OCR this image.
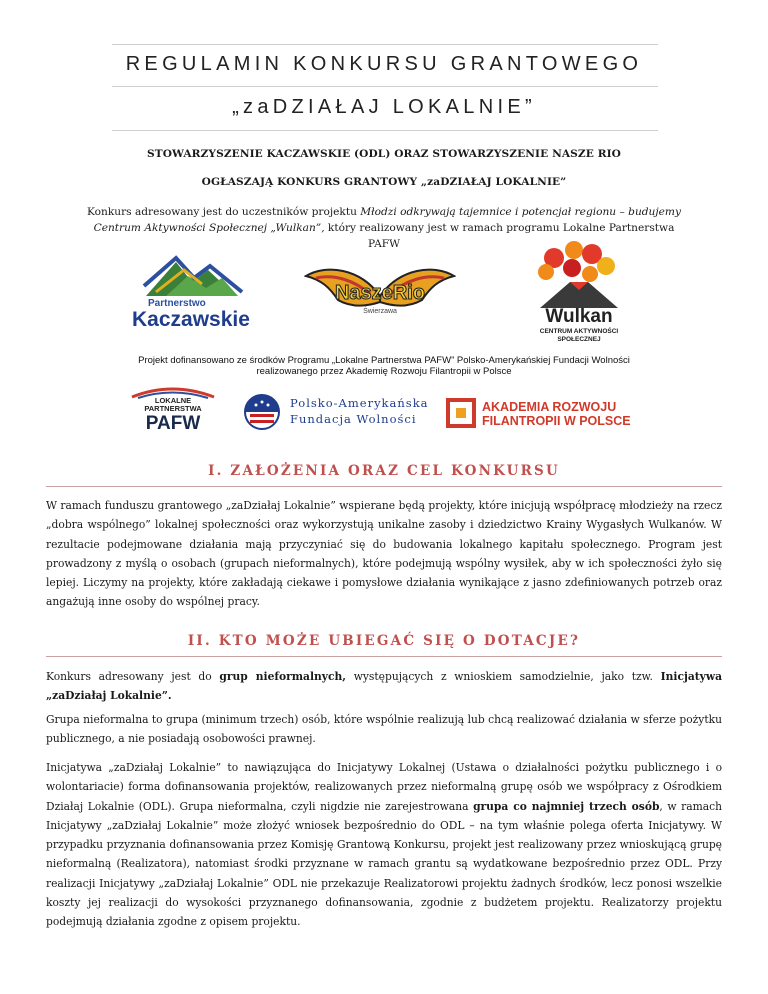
REGULAMIN KONKURSU GRANTOWEGO
„zaDZIAŁAJ LOKALNIE”
STOWARZYSZENIE KACZAWSKIE (ODL) ORAZ STOWARZYSZENIE NASZE RIO
OGŁASZAJĄ KONKURS GRANTOWY „zaDZIAŁAJ LOKALNIE”
Konkurs adresowany jest do uczestników projektu Młodzi odkrywają tajemnice i potencjał regionu – budujemy Centrum Aktywności Społecznej „Wulkan”, który realizowany jest w ramach programu Lokalne Partnerstwa PAFW
Partnerstwo
Kaczawskie
NaszeRio
Świerzawa	Wulkan
CENTRUM AKTYWNOŚCI
SPOŁECZNEJ
Projekt dofinansowano ze środków Programu „Lokalne Partnerstwa PAFW” Polsko-Amerykańskiej Fundacji Wolności
realizowanego przez Akademię Rozwoju Filantropii w Polsce
LOKALNE
PARTNERSTWA
PAFW
Polsko-Amerykańska
Fundacja Wolności
AKADEMIA ROZWOJU
FILANTROPII W POLSCE
I. ZAŁOŻENIA ORAZ CEL KONKURSU
W ramach funduszu grantowego „zaDziałaj Lokalnie” wspierane będą projekty, które inicjują współpracę młodzieży na rzecz „dobra wspólnego” lokalnej społeczności oraz wykorzystują unikalne zasoby i dziedzictwo Krainy Wygasłych Wulkanów. W rezultacie podejmowane działania mają przyczyniać się do budowania lokalnego kapitału społecznego. Program jest prowadzony z myślą o osobach (grupach nieformalnych), które podejmują wspólny wysiłek, aby w ich społeczności żyło się lepiej. Liczymy na projekty, które zakładają ciekawe i pomysłowe działania wynikające z jasno zdefiniowanych potrzeb oraz angażują inne osoby do wspólnej pracy.
II. KTO MOŻE UBIEGAĆ SIĘ O DOTACJE?
Konkurs adresowany jest do grup nieformalnych, występujących z wnioskiem samodzielnie, jako tzw. Inicjatywa „zaDziałaj Lokalnie”.
Grupa nieformalna to grupa (minimum trzech) osób, które wspólnie realizują lub chcą realizować działania w sferze pożytku publicznego, a nie posiadają osobowości prawnej.
Inicjatywa „zaDziałaj Lokalnie” to nawiązująca do Inicjatywy Lokalnej (Ustawa o działalności pożytku publicznego i o wolontariacie) forma dofinansowania projektów, realizowanych przez nieformalną grupę osób we współpracy z Ośrodkiem Działaj Lokalnie (ODL). Grupa nieformalna, czyli nigdzie nie zarejestrowana grupa co najmniej trzech osób, w ramach Inicjatywy „zaDziałaj Lokalnie” może złożyć wniosek bezpośrednio do ODL – na tym właśnie polega oferta Inicjatywy. W przypadku przyznania dofinansowania przez Komisję Grantową Konkursu, projekt jest realizowany przez wnioskującą grupę nieformalną (Realizatora), natomiast środki przyznane w ramach grantu są wydatkowane bezpośrednio przez ODL. Przy realizacji Inicjatywy „zaDziałaj Lokalnie” ODL nie przekazuje Realizatorowi projektu żadnych środków, lecz ponosi wszelkie koszty jej realizacji do wysokości przyznanego dofinansowania, zgodnie z budżetem projektu. Realizatorzy projektu podejmują działania zgodne z opisem projektu.
